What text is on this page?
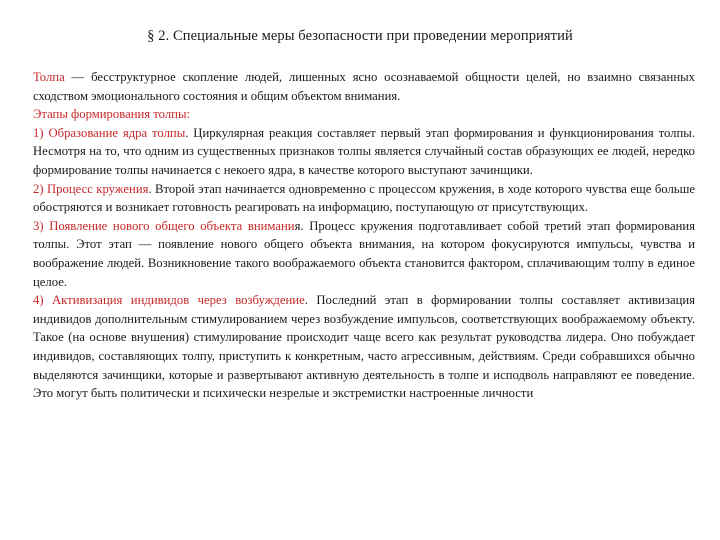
§ 2. Специальные меры безопасности при проведении мероприятий

Толпа — бесструктурное скопление людей, лишенных ясно осознаваемой общности целей, но взаимно связанных сходством эмоционального состояния и общим объектом внимания.

Этапы формирования толпы:

1) Образование ядра толпы. Циркулярная реакция составляет первый этап формирования и функционирования толпы. Несмотря на то, что одним из существенных признаков толпы является случайный состав образующих ее людей, нередко формирование толпы начинается с некоего ядра, в качестве которого выступают зачинщики.

2) Процесс кружения. Второй этап начинается одновременно с процессом кружения, в ходе которого чувства еще больше обостряются и возникает готовность реагировать на информацию, поступающую от присутствующих.

3) Появление нового общего объекта внимания. Процесс кружения подготавливает собой третий этап формирования толпы. Этот этап — появление нового общего объекта внимания, на котором фокусируются импульсы, чувства и воображение людей. Возникновение такого воображаемого объекта становится фактором, сплачивающим толпу в единое целое.

4) Активизация индивидов через возбуждение. Последний этап в формировании толпы составляет активизация индивидов дополнительным стимулированием через возбуждение импульсов, соответствующих воображаемому объекту. Такое (на основе внушения) стимулирование происходит чаще всего как результат руководства лидера. Оно побуждает индивидов, составляющих толпу, приступить к конкретным, часто агрессивным, действиям. Среди собравшихся обычно выделяются зачинщики, которые и развертывают активную деятельность в толпе и исподволь направляют ее поведение. Это могут быть политически и психически незрелые и экстремистки настроенные личности
